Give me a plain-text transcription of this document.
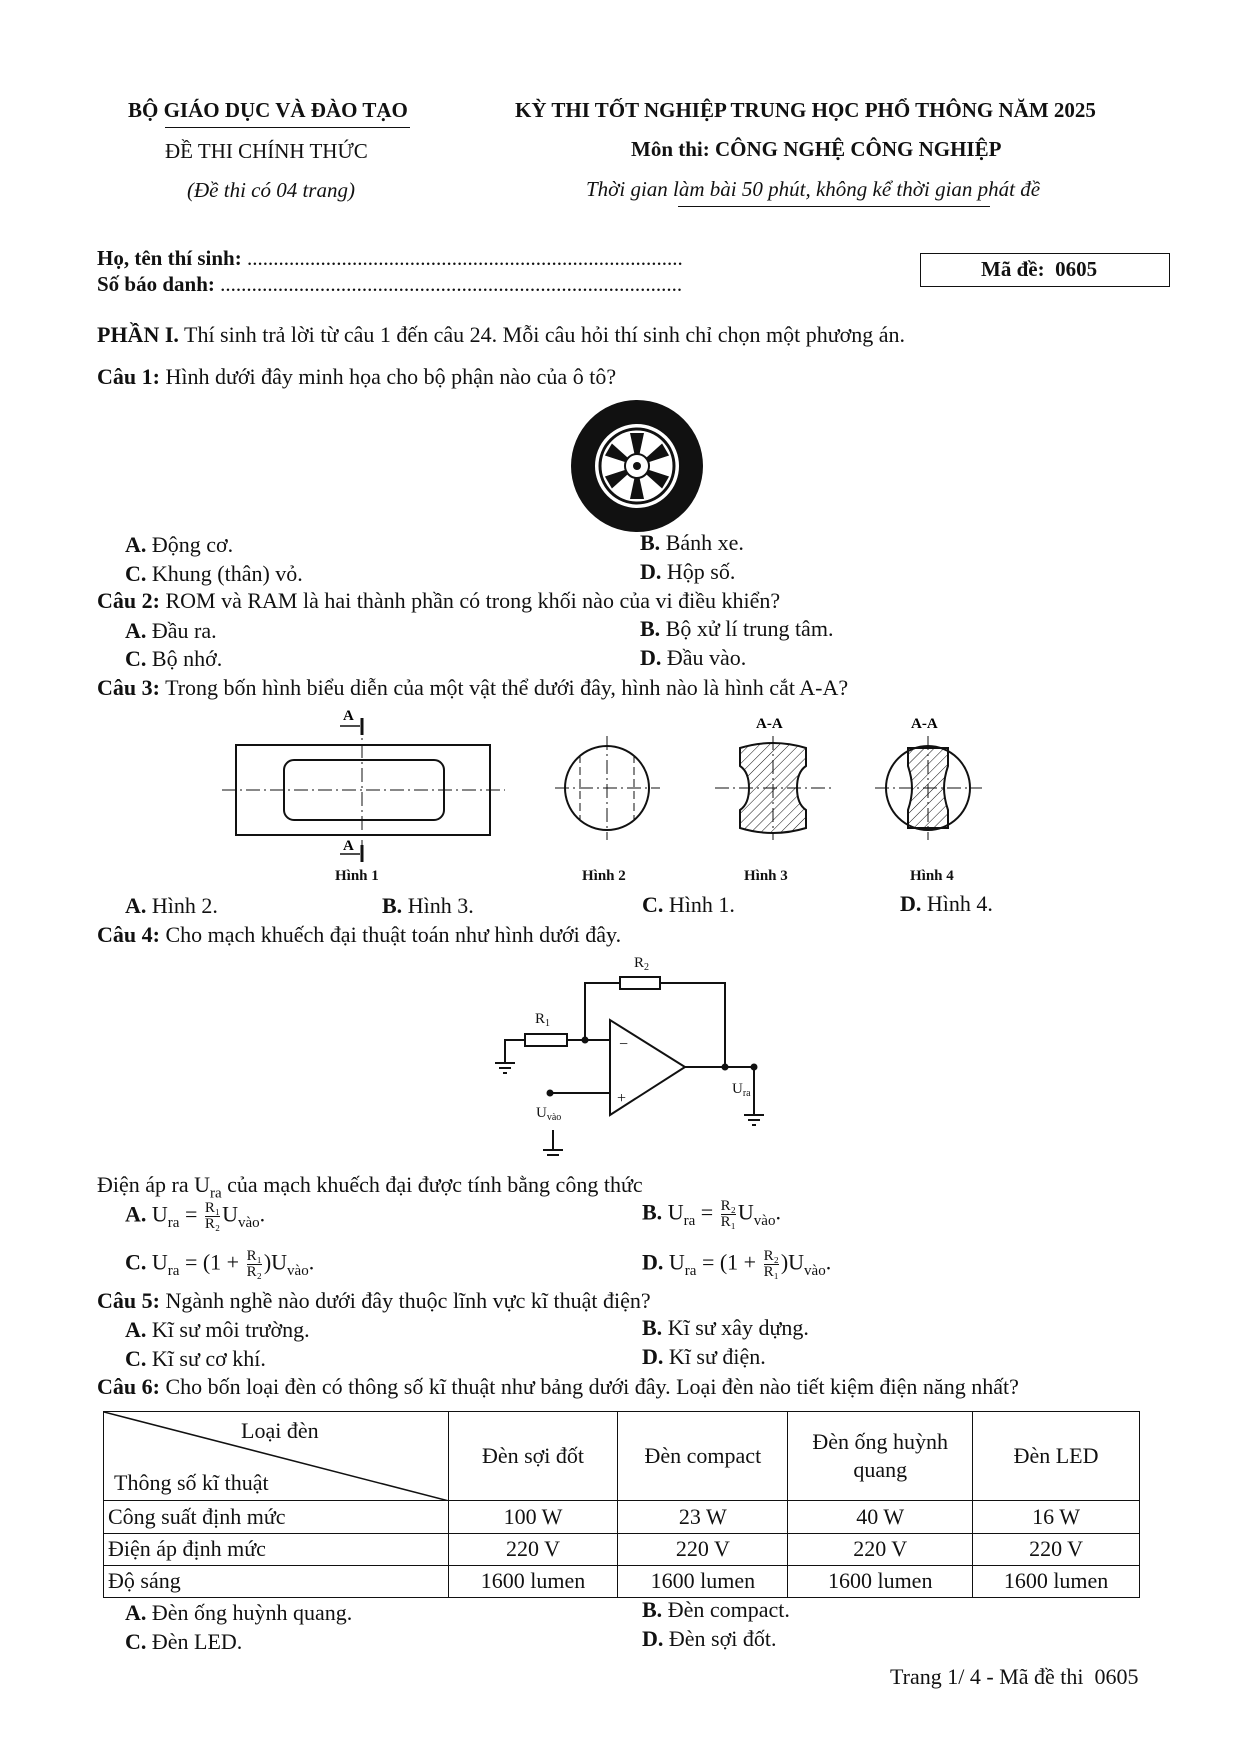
BỘ GIÁO DỤC VÀ ĐÀO TẠO
ĐỀ THI CHÍNH THỨC
(Đề thi có 04 trang)
KỲ THI TỐT NGHIỆP TRUNG HỌC PHỔ THÔNG NĂM 2025
Môn thi: CÔNG NGHỆ CÔNG NGHIỆP
Thời gian làm bài 50 phút, không kể thời gian phát đề
Họ, tên thí sinh: ...................................................................................
Số báo danh: ........................................................................................
Mã đề: 0605
PHẦN I. Thí sinh trả lời từ câu 1 đến câu 24. Mỗi câu hỏi thí sinh chỉ chọn một phương án.
Câu 1: Hình dưới đây minh họa cho bộ phận nào của ô tô?
A. Động cơ.	B. Bánh xe.
C. Khung (thân) vỏ.	D. Hộp số.
Câu 2: ROM và RAM là hai thành phần có trong khối nào của vi điều khiển?
A. Đầu ra.	B. Bộ xử lí trung tâm.
C. Bộ nhớ.	D. Đầu vào.
Câu 3: Trong bốn hình biểu diễn của một vật thể dưới đây, hình nào là hình cắt A-A?
A
A
A-A	A-A
Hình 1	Hình 2	Hình 3	Hình 4
A. Hình 2.	B. Hình 3.	C. Hình 1.	D. Hình 4.
Câu 4: Cho mạch khuếch đại thuật toán như hình dưới đây.
$R_2$
$R_1$
−
+
$U_{ra}$
$U_{vào}$
Điện áp ra $U_{ra}$ của mạch khuếch đại được tính bằng công thức
A. $U_{ra} = \frac{\text{R₁}}{\text{R₂}} U_{vào}$.	B. $U_{ra} = \frac{\text{R₂}}{\text{R₁}} U_{vào}$.
C. $U_{ra} = (1 + \frac{\text{R₁}}{\text{R₂}} )U_{vào}$.	D. $U_{ra} = (1 + \frac{\text{R₂}}{\text{R₁}} )U_{vào}$.
Câu 5: Ngành nghề nào dưới đây thuộc lĩnh vực kĩ thuật điện?
A. Kĩ sư môi trường.	B. Kĩ sư xây dựng.
C. Kĩ sư cơ khí.	D. Kĩ sư điện.
Câu 6: Cho bốn loại đèn có thông số kĩ thuật như bảng dưới đây. Loại đèn nào tiết kiệm điện năng nhất?
Loại đèn
Thông số kĩ thuật	Đèn sợi đốt	Đèn compact	Đèn ống huỳnh quang	Đèn LED
Công suất định mức	100 W	23 W	40 W	16 W
Điện áp định mức	220 V	220 V	220 V	220 V
Độ sáng	1600 lumen	1600 lumen	1600 lumen	1600 lumen
A. Đèn ống huỳnh quang.	B. Đèn compact.
C. Đèn LED.	D. Đèn sợi đốt.
Trang 1/ 4 - Mã đề thi  0605
